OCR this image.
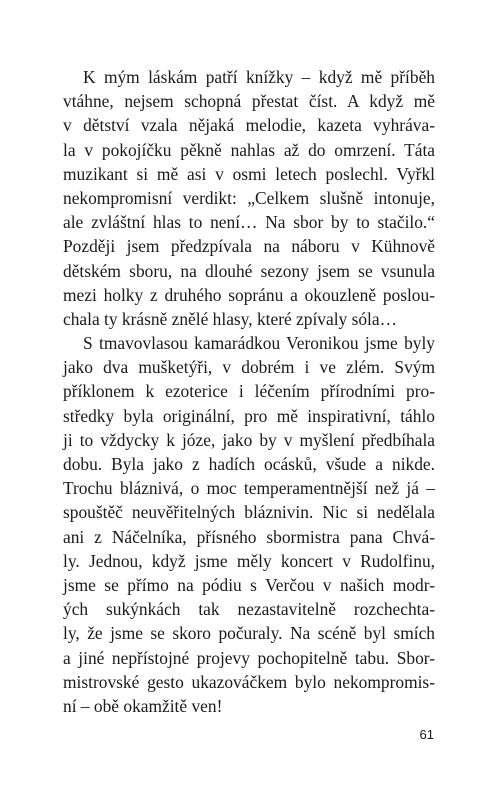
K mým láskám patří knížky – když mě příběh
vtáhne, nejsem schopná přestat číst. A když mě
v dětství vzala nějaká melodie, kazeta vyhráva-
la v pokojíčku pěkně nahlas až do omrzení. Táta
muzikant si mě asi v osmi letech poslechl. Vyřkl
nekompromisní verdikt: „Celkem slušně intonuje,
ale zvláštní hlas to není… Na sbor by to stačilo.“
Později jsem předzpívala na náboru v Kühnově
dětském sboru, na dlouhé sezony jsem se vsunula
mezi holky z druhého sopránu a okouzleně poslou-
chala ty krásně znělé hlasy, které zpívaly sóla…
S tmavovlasou kamarádkou Veronikou jsme byly
jako dva mušketýři, v dobrém i ve zlém. Svým
příklonem k ezoterice i léčením přírodními pro-
středky byla originální, pro mě inspirativní, táhlo
ji to vždycky k józe, jako by v myšlení předbíhala
dobu. Byla jako z hadích ocásků, všude a nikde.
Trochu bláznivá, o moc temperamentnější než já –
spouštěč neuvěřitelných bláznivin. Nic si nedělala
ani z Náčelníka, přísného sbormistra pana Chvá-
ly. Jednou, když jsme měly koncert v Rudolfinu,
jsme se přímo na pódiu s Verčou v našich modr-
ých sukýnkách tak nezastavitelně rozchechta-
ly, že jsme se skoro počuraly. Na scéně byl smích
a jiné nepřístojné projevy pochopitelně tabu. Sbor-
mistrovské gesto ukazováčkem bylo nekompromis-
ní – obě okamžitě ven!
61
